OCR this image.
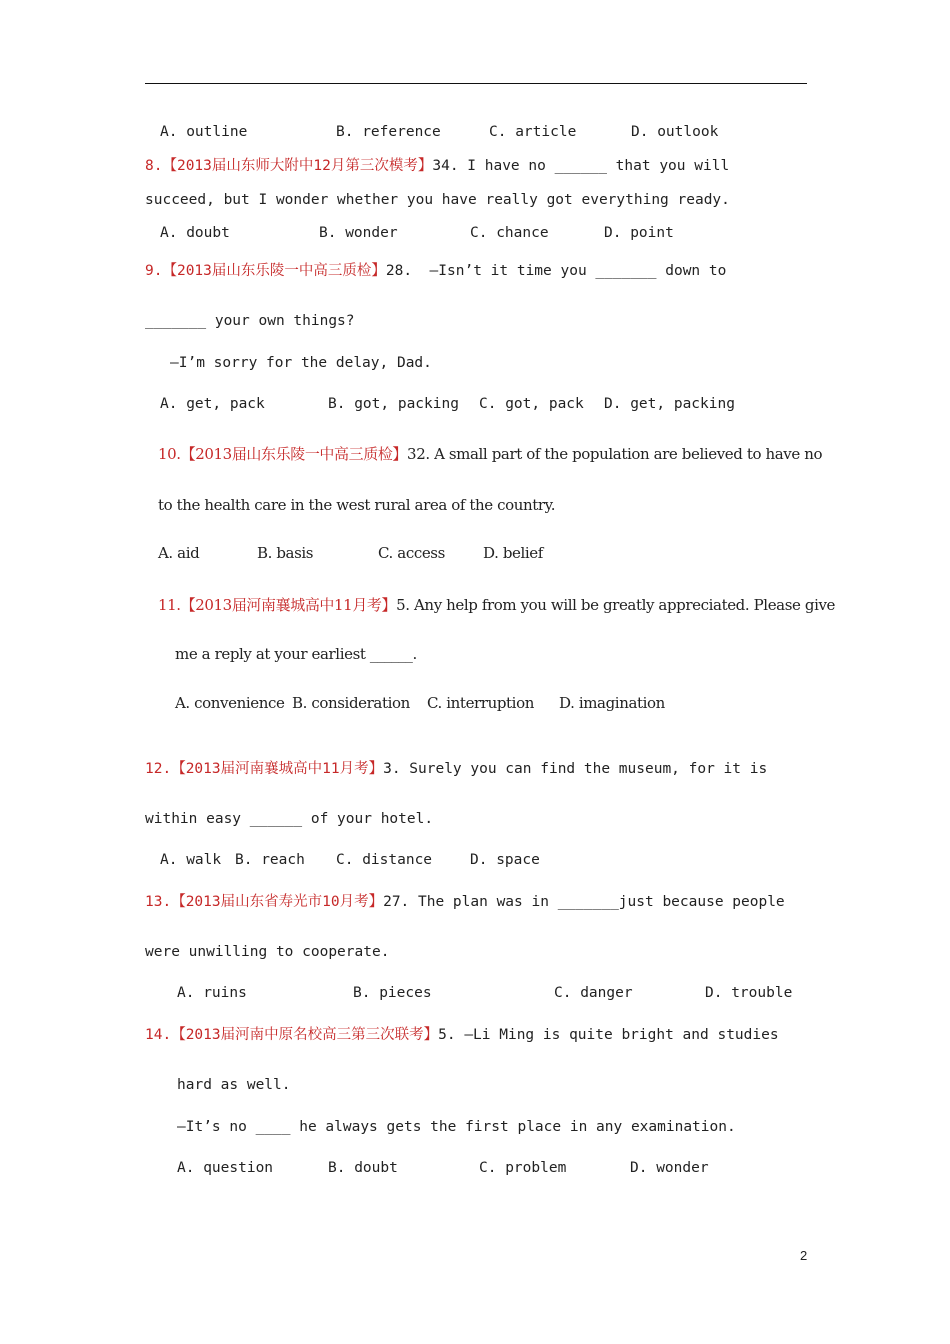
A. outline	B. reference	C. article	D. outlook
8.【2013届山东师大附中12月第三次模考】34. I have no ______ that you will
succeed, but I wonder whether you have really got everything ready.
A. doubt	B. wonder	C. chance	D. point
9.【2013届山东乐陵一中高三质检】28.  —Isn’t it time you _______ down to
_______ your own things?
—I’m sorry for the delay, Dad.
A. get, pack	B. got, packing C. got, pack D. get, packing
10.【2013届山东乐陵一中高三质检】32. A small part of the population are believed to have no
to the health care in the west rural area of the country.
A. aid	B. basis	C. access	D. belief
11.【2013届河南襄城高中11月考】5. Any help from you will be greatly appreciated. Please give
me a reply at your earliest ______.
A. convenience B. consideration C. interruption D. imagination
12.【2013届河南襄城高中11月考】3. Surely you can find the museum, for it is
within easy ______ of your hotel.
A. walk B. reach C. distance	D. space
13.【2013届山东省寿光市10月考】27. The plan was in _______just because people
were unwilling to cooperate.
A. ruins	B. pieces	C. danger	D. trouble
14.【2013届河南中原名校高三第三次联考】5. —Li Ming is quite bright and studies
hard as well.
—It’s no ____ he always gets the first place in any examination.
A. question	B. doubt	C. problem	D. wonder
2
